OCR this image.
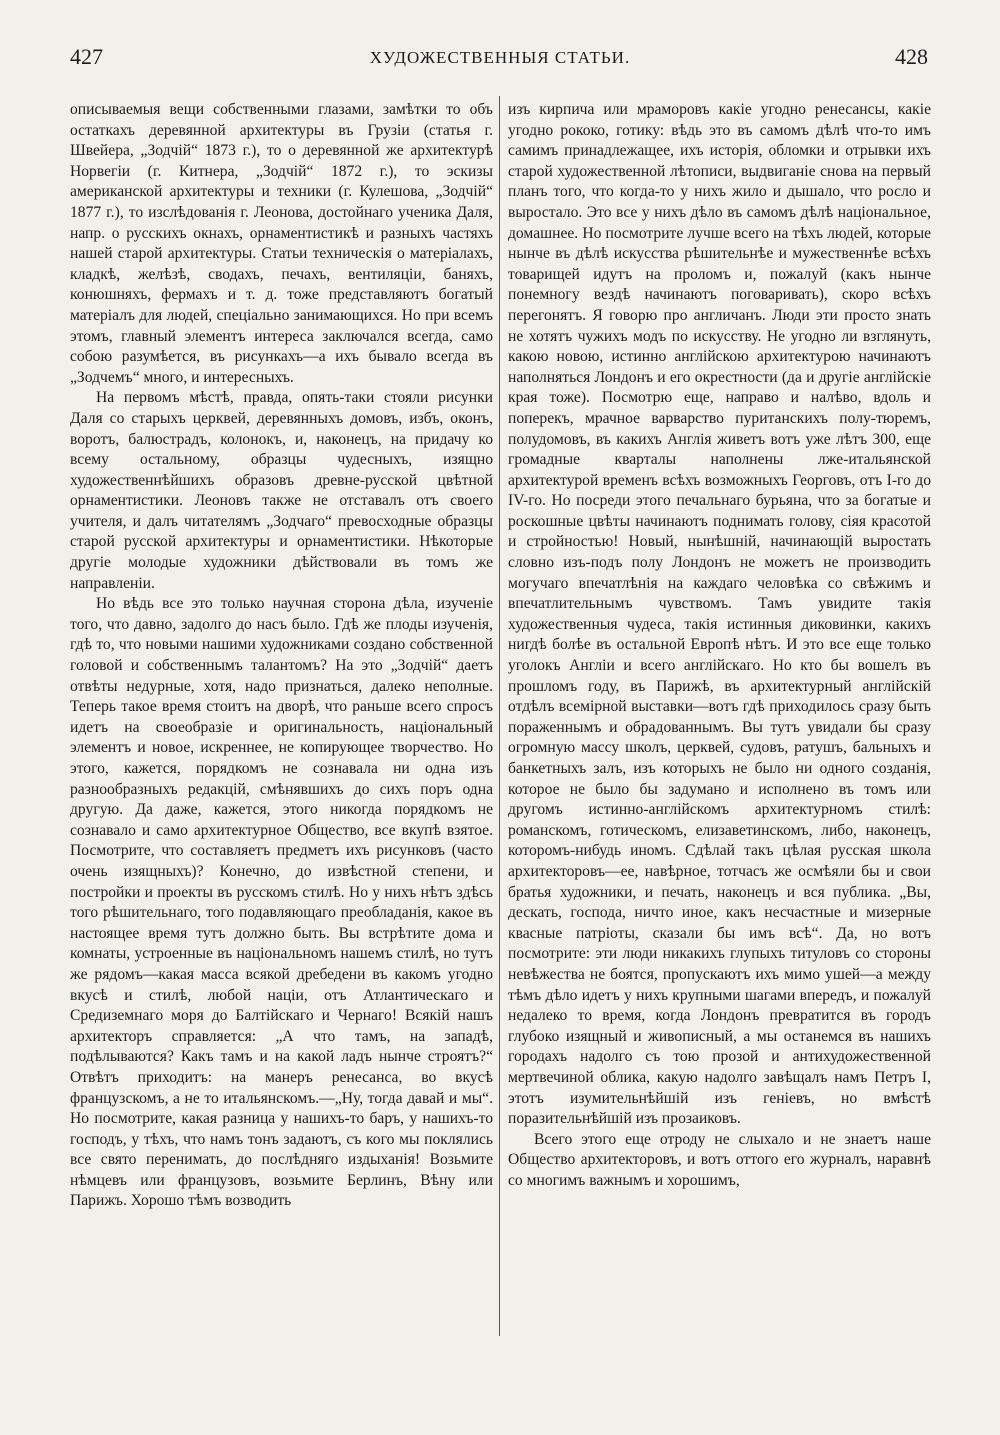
427	ХУДОЖЕСТВЕННЫЯ СТАТЬИ.	428

описываемыя вещи собственными глазами, замѣтки то объ остаткахъ деревянной архитектуры въ Грузіи (статья г. Швейера, „Зодчій“ 1873 г.), то о деревянной же архитектурѣ Норвегіи (г. Китнера, „Зодчій“ 1872 г.), то эскизы американской архитектуры и техники (г. Кулешова, „Зодчій“ 1877 г.), то изслѣдованія г. Леонова, достойнаго ученика Даля, напр. о русскихъ окнахъ, орнаментистикѣ и разныхъ частяхъ нашей старой архитектуры. Статьи техническія о матеріалахъ, кладкѣ, желѣзѣ, сводахъ, печахъ, вентиляціи, баняхъ, конюшняхъ, фермахъ и т. д. тоже представляютъ богатый матеріалъ для людей, спеціально занимающихся. Но при всемъ этомъ, главный элементъ интереса заключался всегда, само собою разумѣется, въ рисункахъ—а ихъ бывало всегда въ „Зодчемъ“ много, и интересныхъ.

На первомъ мѣстѣ, правда, опять-таки стояли рисунки Даля со старыхъ церквей, деревянныхъ домовъ, избъ, оконъ, воротъ, балюстрадъ, колонокъ, и, наконецъ, на придачу ко всему остальному, образцы чудесныхъ, изящно художественнѣйшихъ образовъ древне-русской цвѣтной орнаментистики. Леоновъ также не отставалъ отъ своего учителя, и далъ читателямъ „Зодчаго“ превосходные образцы старой русской архитектуры и орнаментистики. Нѣкоторые другіе молодые художники дѣйствовали въ томъ же направленіи.

Но вѣдь все это только научная сторона дѣла, изученіе того, что давно, задолго до насъ было. Гдѣ же плоды изученія, гдѣ то, что новыми нашими художниками создано собственной головой и собственнымъ талантомъ? На это „Зодчій“ даетъ отвѣты недурные, хотя, надо признаться, далеко неполные. Теперь такое время стоитъ на дворѣ, что раньше всего спросъ идетъ на своеобразіе и оригинальность, національный элементъ и новое, искреннее, не копирующее творчество. Но этого, кажется, порядкомъ не сознавала ни одна изъ разнообразныхъ редакцій, смѣнявшихъ до сихъ поръ одна другую. Да даже, кажется, этого никогда порядкомъ не сознавало и само архитектурное Общество, все вкупѣ взятое. Посмотрите, что составляетъ предметъ ихъ рисунковъ (часто очень изящныхъ)? Конечно, до извѣстной степени, и постройки и проекты въ русскомъ стилѣ. Но у нихъ нѣтъ здѣсь того рѣшительнаго, того подавляющаго преобладанія, какое въ настоящее время тутъ должно быть. Вы встрѣтите дома и комнаты, устроенные въ національномъ нашемъ стилѣ, но тутъ же рядомъ—какая масса всякой дребедени въ какомъ угодно вкусѣ и стилѣ, любой націи, отъ Атлантическаго и Средиземнаго моря до Балтійскаго и Чернаго! Всякій нашъ архитекторъ справляется: „А что тамъ, на западѣ, подѣлываются? Какъ тамъ и на какой ладъ нынче строятъ?“ Отвѣтъ приходитъ: на манеръ ренесанса, во вкусѣ французскомъ, а не то итальянскомъ.—„Ну, тогда давай и мы“. Но посмотрите, какая разница у нашихъ-то баръ, у нашихъ-то господъ, у тѣхъ, что намъ тонъ задаютъ, съ кого мы поклялись все свято перенимать, до послѣдняго издыханія! Возьмите нѣмцевъ или французовъ, возьмите Берлинъ, Вѣну или Парижъ. Хорошо тѣмъ возводить

изъ кирпича или мраморовъ какіе угодно ренесансы, какіе угодно рококо, готику: вѣдь это въ самомъ дѣлѣ что-то имъ самимъ принадлежащее, ихъ исторія, обломки и отрывки ихъ старой художественной лѣтописи, выдвиганіе снова на первый планъ того, что когда-то у нихъ жило и дышало, что росло и выростало. Это все у нихъ дѣло въ самомъ дѣлѣ національное, домашнее. Но посмотрите лучше всего на тѣхъ людей, которые нынче въ дѣлѣ искусства рѣшительнѣе и мужественнѣе всѣхъ товарищей идутъ на проломъ и, пожалуй (какъ нынче понемногу вездѣ начинаютъ поговаривать), скоро всѣхъ перегонятъ. Я говорю про англичанъ. Люди эти просто знать не хотятъ чужихъ модъ по искусству. Не угодно ли взглянуть, какою новою, истинно англійскою архитектурою начинаютъ наполняться Лондонъ и его окрестности (да и другіе англійскіе края тоже). Посмотрю еще, направо и налѣво, вдоль и поперекъ, мрачное варварство пуританскихъ полу-тюремъ, полудомовъ, въ какихъ Англія живетъ вотъ уже лѣтъ 300, еще громадные кварталы наполнены лже-итальянской архитектурой временъ всѣхъ возможныхъ Георговъ, отъ I-го до IV-го. Но посреди этого печальнаго бурьяна, что за богатые и роскошные цвѣты начинаютъ поднимать голову, сіяя красотой и стройностью! Новый, нынѣшній, начинающій выростать словно изъ-подъ полу Лондонъ не можетъ не производить могучаго впечатлѣнія на каждаго человѣка со свѣжимъ и впечатлительнымъ чувствомъ. Тамъ увидите такія художественныя чудеса, такія истинныя диковинки, какихъ нигдѣ болѣе въ остальной Европѣ нѣтъ. И это все еще только уголокъ Англіи и всего англійскаго. Но кто бы вошелъ въ прошломъ году, въ Парижѣ, въ архитектурный англійскій отдѣлъ всемірной выставки—вотъ гдѣ приходилось сразу быть пораженнымъ и обрадованнымъ. Вы тутъ увидали бы сразу огромную массу школъ, церквей, судовъ, ратушъ, бальныхъ и банкетныхъ залъ, изъ которыхъ не было ни одного созданія, которое не было бы задумано и исполнено въ томъ или другомъ истинно-англійскомъ архитектурномъ стилѣ: романскомъ, готическомъ, елизаветинскомъ, либо, наконецъ, которомъ-нибудь иномъ. Сдѣлай такъ цѣлая русская школа архитекторовъ—ее, навѣрное, тотчасъ же осмѣяли бы и свои братья художники, и печать, наконецъ и вся публика. „Вы, дескать, господа, ничто иное, какъ несчастные и мизерные квасные патріоты, сказали бы имъ всѣ“. Да, но вотъ посмотрите: эти люди никакихъ глупыхъ титуловъ со стороны невѣжества не боятся, пропускаютъ ихъ мимо ушей—а между тѣмъ дѣло идетъ у нихъ крупными шагами впередъ, и пожалуй недалеко то время, когда Лондонъ превратится въ городъ глубоко изящный и живописный, а мы останемся въ нашихъ городахъ надолго съ тою прозой и антихудожественной мертвечиной облика, какую надолго завѣщалъ намъ Петръ I, этотъ изумительнѣйшій изъ геніевъ, но вмѣстѣ поразительнѣйшій изъ прозаиковъ.

Всего этого еще отроду не слыхало и не знаетъ наше Общество архитекторовъ, и вотъ оттого его журналъ, наравнѣ со многимъ важнымъ и хорошимъ,
